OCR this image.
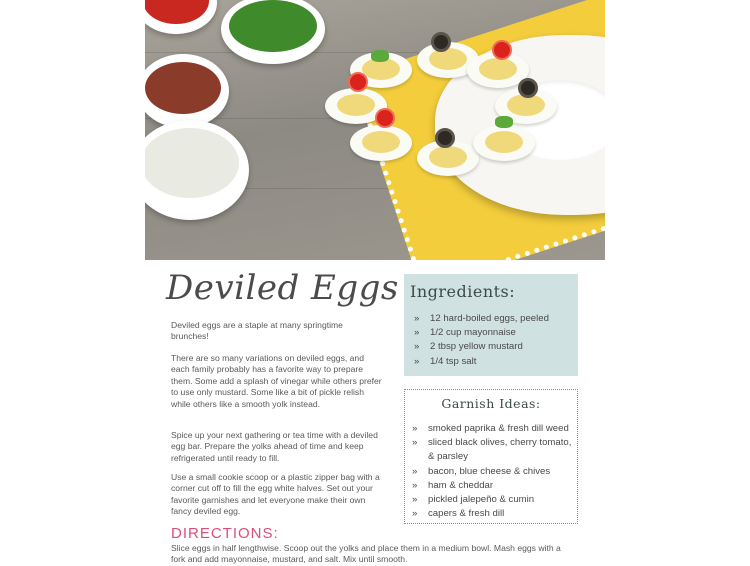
Deviled Eggs

Deviled eggs are a staple at many springtime brunches!

There are so many variations on deviled eggs, and each family probably has a favorite way to prepare them. Some add a splash of vinegar while others prefer to use only mustard. Some like a bit of pickle relish while others like a smooth yolk instead.

Spice up your next gathering or tea time with a deviled egg bar. Prepare the yolks ahead of time and keep refrigerated until ready to fill.

Use a small cookie scoop or a plastic zipper bag with a corner cut off to fill the egg white halves. Set out your favorite garnishes and let everyone make their own fancy deviled egg.

DIRECTIONS:

Slice eggs in half lengthwise. Scoop out the yolks and place them in a medium bowl. Mash eggs with a fork and add mayonnaise, mustard, and salt. Mix until smooth.

Ingredients:
» 12 hard-boiled eggs, peeled
» 1/2 cup mayonnaise
» 2 tbsp yellow mustard
» 1/4 tsp salt
Garnish Ideas:
» smoked paprika & fresh dill weed
» sliced black olives, cherry tomato, & parsley
» bacon, blue cheese & chives
» ham & cheddar
» pickled jalepeño & cumin
» capers & fresh dill
